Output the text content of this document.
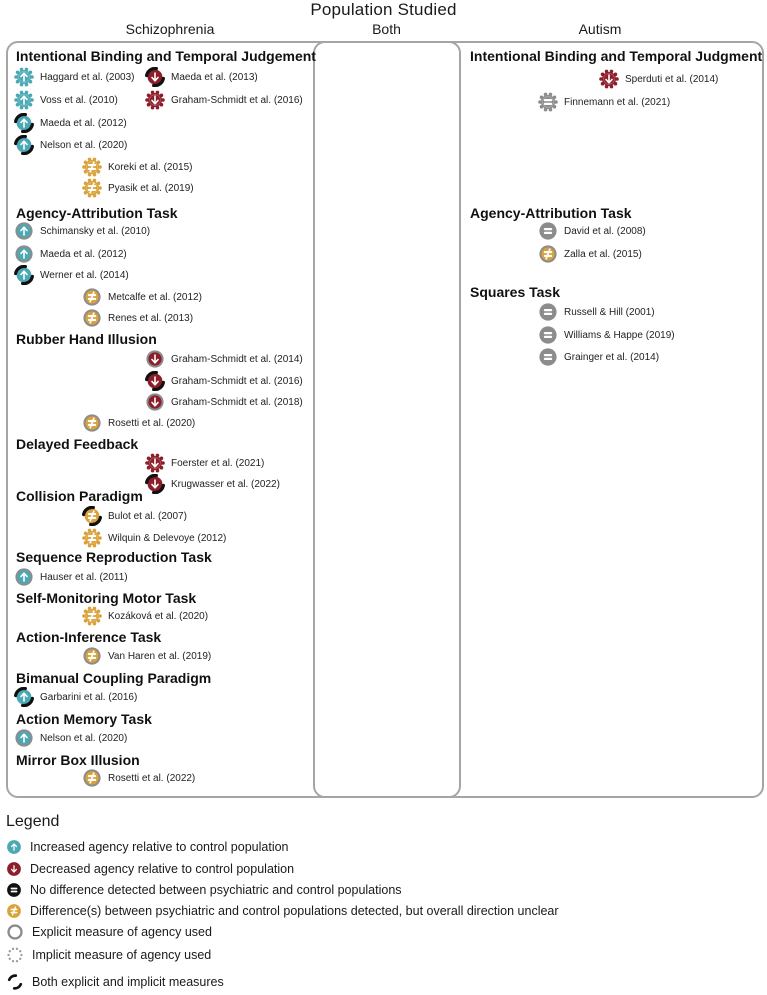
Population Studied
Schizophrenia	Both	Autism
Intentional Binding and Temporal Judgement
Haggard et al. (2003)	Maeda et al. (2013)
Voss et al. (2010)	Graham-Schmidt et al. (2016)
Maeda et al. (2012)
Nelson et al. (2020)
Koreki et al. (2015)
Pyasik et al. (2019)
Agency-Attribution Task
Schimansky et al. (2010)
Maeda et al. (2012)
Werner et al. (2014)
Metcalfe et al. (2012)
Renes et al. (2013)
Rubber Hand Illusion
Graham-Schmidt et al. (2014)
Graham-Schmidt et al. (2016)
Graham-Schmidt et al. (2018)
Rosetti et al. (2020)
Delayed Feedback
Foerster et al. (2021)
Krugwasser et al. (2022)
Collision Paradigm
Bulot et al. (2007)
Wilquin & Delevoye (2012)
Sequence Reproduction Task
Hauser et al. (2011)
Self-Monitoring Motor Task
Kozáková et al. (2020)
Action-Inference Task
Van Haren et al. (2019)
Bimanual Coupling Paradigm
Garbarini et al. (2016)
Action Memory Task
Nelson et al. (2020)
Mirror Box Illusion
Rosetti et al. (2022)
Intentional Binding and Temporal Judgment
Sperduti et al. (2014)
Finnemann et al. (2021)
Agency-Attribution Task
David et al. (2008)
Zalla et al. (2015)
Squares Task
Russell & Hill (2001)
Williams & Happe (2019)
Grainger et al. (2014)
Legend
Increased agency relative to control population
Decreased agency relative to control population
No difference detected between psychiatric and control populations
Difference(s) between psychiatric and control populations detected, but overall direction unclear
Explicit measure of agency used
Implicit measure of agency used
Both explicit and implicit measures
